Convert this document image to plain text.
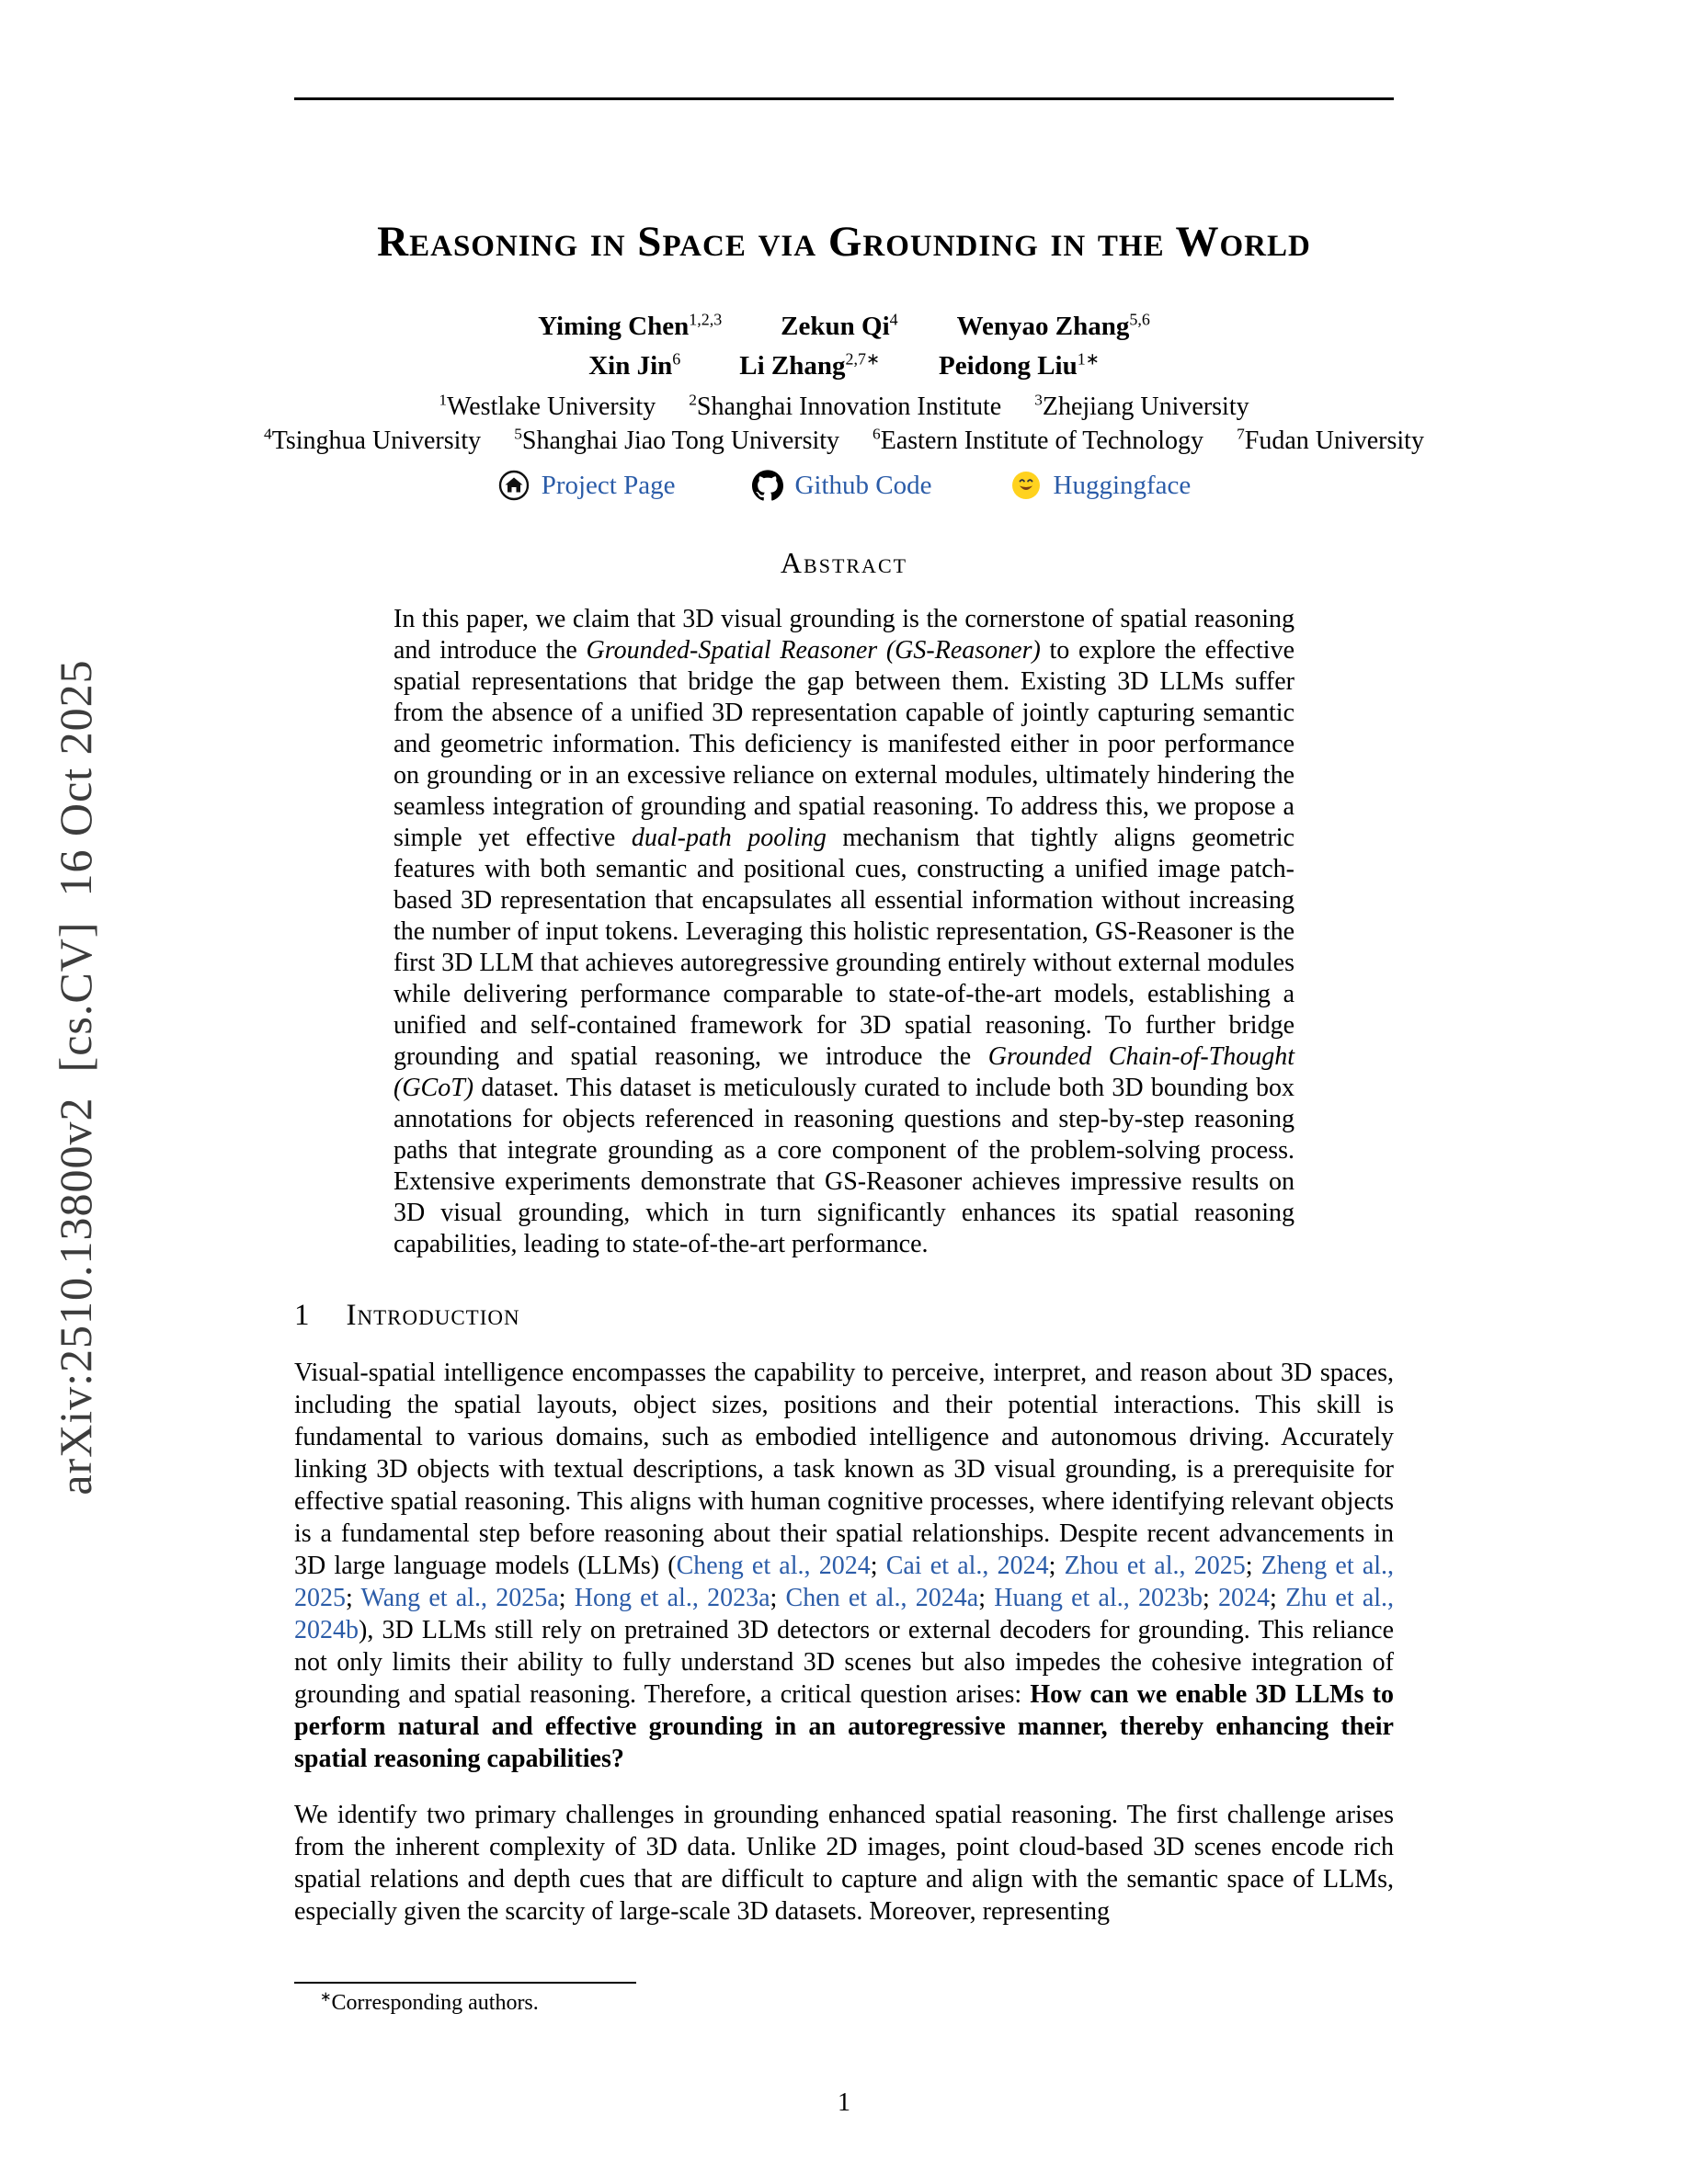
arXiv:2510.13800v2  [cs.CV]  16 Oct 2025
Reasoning in Space via Grounding in the World
Yiming Chen$^{1,2,3}$ Zekun Qi$^4$ Wenyao Zhang$^{5,6}$
Xin Jin$^6$ Li Zhang$^{2,7∗}$ Peidong Liu$^{1∗}$
$^1$Westlake University $^2$Shanghai Innovation Institute $^3$Zhejiang University
$^4$Tsinghua University $^5$Shanghai Jiao Tong University $^6$Eastern Institute of Technology $^7$Fudan University
Project Page	Github Code	Huggingface
Abstract
In this paper, we claim that 3D visual grounding is the cornerstone of spatial reasoning and introduce the Grounded-Spatial Reasoner (GS-Reasoner) to explore the effective spatial representations that bridge the gap between them. Existing 3D LLMs suffer from the absence of a unified 3D representation capable of jointly capturing semantic and geometric information. This deficiency is manifested either in poor performance on grounding or in an excessive reliance on external modules, ultimately hindering the seamless integration of grounding and spatial reasoning. To address this, we propose a simple yet effective dual-path pooling mechanism that tightly aligns geometric features with both semantic and positional cues, constructing a unified image patch-based 3D representation that encapsulates all essential information without increasing the number of input tokens. Leveraging this holistic representation, GS-Reasoner is the first 3D LLM that achieves autoregressive grounding entirely without external modules while delivering performance comparable to state-of-the-art models, establishing a unified and self-contained framework for 3D spatial reasoning. To further bridge grounding and spatial reasoning, we introduce the Grounded Chain-of-Thought (GCoT) dataset. This dataset is meticulously curated to include both 3D bounding box annotations for objects referenced in reasoning questions and step-by-step reasoning paths that integrate grounding as a core component of the problem-solving process. Extensive experiments demonstrate that GS-Reasoner achieves impressive results on 3D visual grounding, which in turn significantly enhances its spatial reasoning capabilities, leading to state-of-the-art performance.
1 Introduction

Visual-spatial intelligence encompasses the capability to perceive, interpret, and reason about 3D spaces, including the spatial layouts, object sizes, positions and their potential interactions. This skill is fundamental to various domains, such as embodied intelligence and autonomous driving. Accurately linking 3D objects with textual descriptions, a task known as 3D visual grounding, is a prerequisite for effective spatial reasoning. This aligns with human cognitive processes, where identifying relevant objects is a fundamental step before reasoning about their spatial relationships. Despite recent advancements in 3D large language models (LLMs) (Cheng et al., 2024; Cai et al., 2024; Zhou et al., 2025; Zheng et al., 2025; Wang et al., 2025a; Hong et al., 2023a; Chen et al., 2024a; Huang et al., 2023b; 2024; Zhu et al., 2024b), 3D LLMs still rely on pretrained 3D detectors or external decoders for grounding. This reliance not only limits their ability to fully understand 3D scenes but also impedes the cohesive integration of grounding and spatial reasoning. Therefore, a critical question arises: How can we enable 3D LLMs to perform natural and effective grounding in an autoregressive manner, thereby enhancing their spatial reasoning capabilities?

We identify two primary challenges in grounding enhanced spatial reasoning. The first challenge arises from the inherent complexity of 3D data. Unlike 2D images, point cloud-based 3D scenes encode rich spatial relations and depth cues that are difficult to capture and align with the semantic space of LLMs, especially given the scarcity of large-scale 3D datasets. Moreover, representing

∗Corresponding authors.
1
